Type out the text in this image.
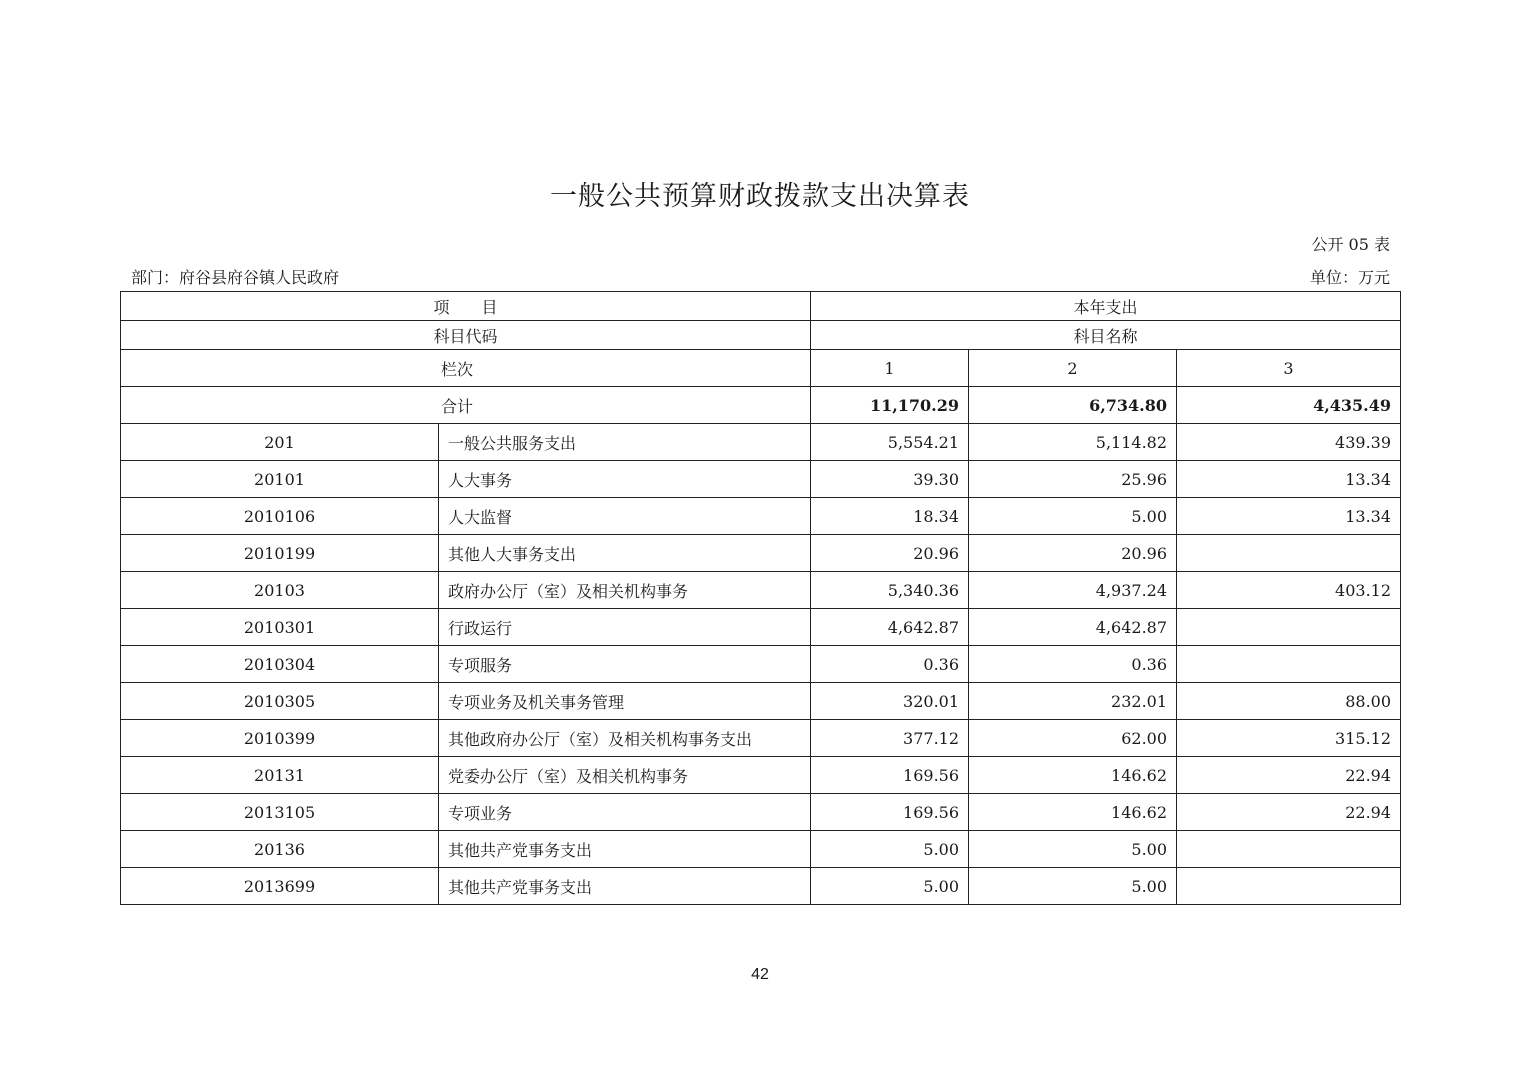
一般公共预算财政拨款支出决算表
公开 05 表
部门：府谷县府谷镇人民政府	单位：万元
项　　目		本年支出		
科目代码		科目名称		
栏次		1	2	3
合计		11,170.29	6,734.80	4,435.49
201	一般公共服务支出	5,554.21	5,114.82	439.39
20101	人大事务	39.30	25.96	13.34
2010106	人大监督	18.34	5.00	13.34
2010199	其他人大事务支出	20.96	20.96	
20103	政府办公厅（室）及相关机构事务	5,340.36	4,937.24	403.12
2010301	行政运行	4,642.87	4,642.87	
2010304	专项服务	0.36	0.36	
2010305	专项业务及机关事务管理	320.01	232.01	88.00
2010399	其他政府办公厅（室）及相关机构事务支出	377.12	62.00	315.12
20131	党委办公厅（室）及相关机构事务	169.56	146.62	22.94
2013105	专项业务	169.56	146.62	22.94
20136	其他共产党事务支出	5.00	5.00	
2013699	其他共产党事务支出	5.00	5.00	
42
